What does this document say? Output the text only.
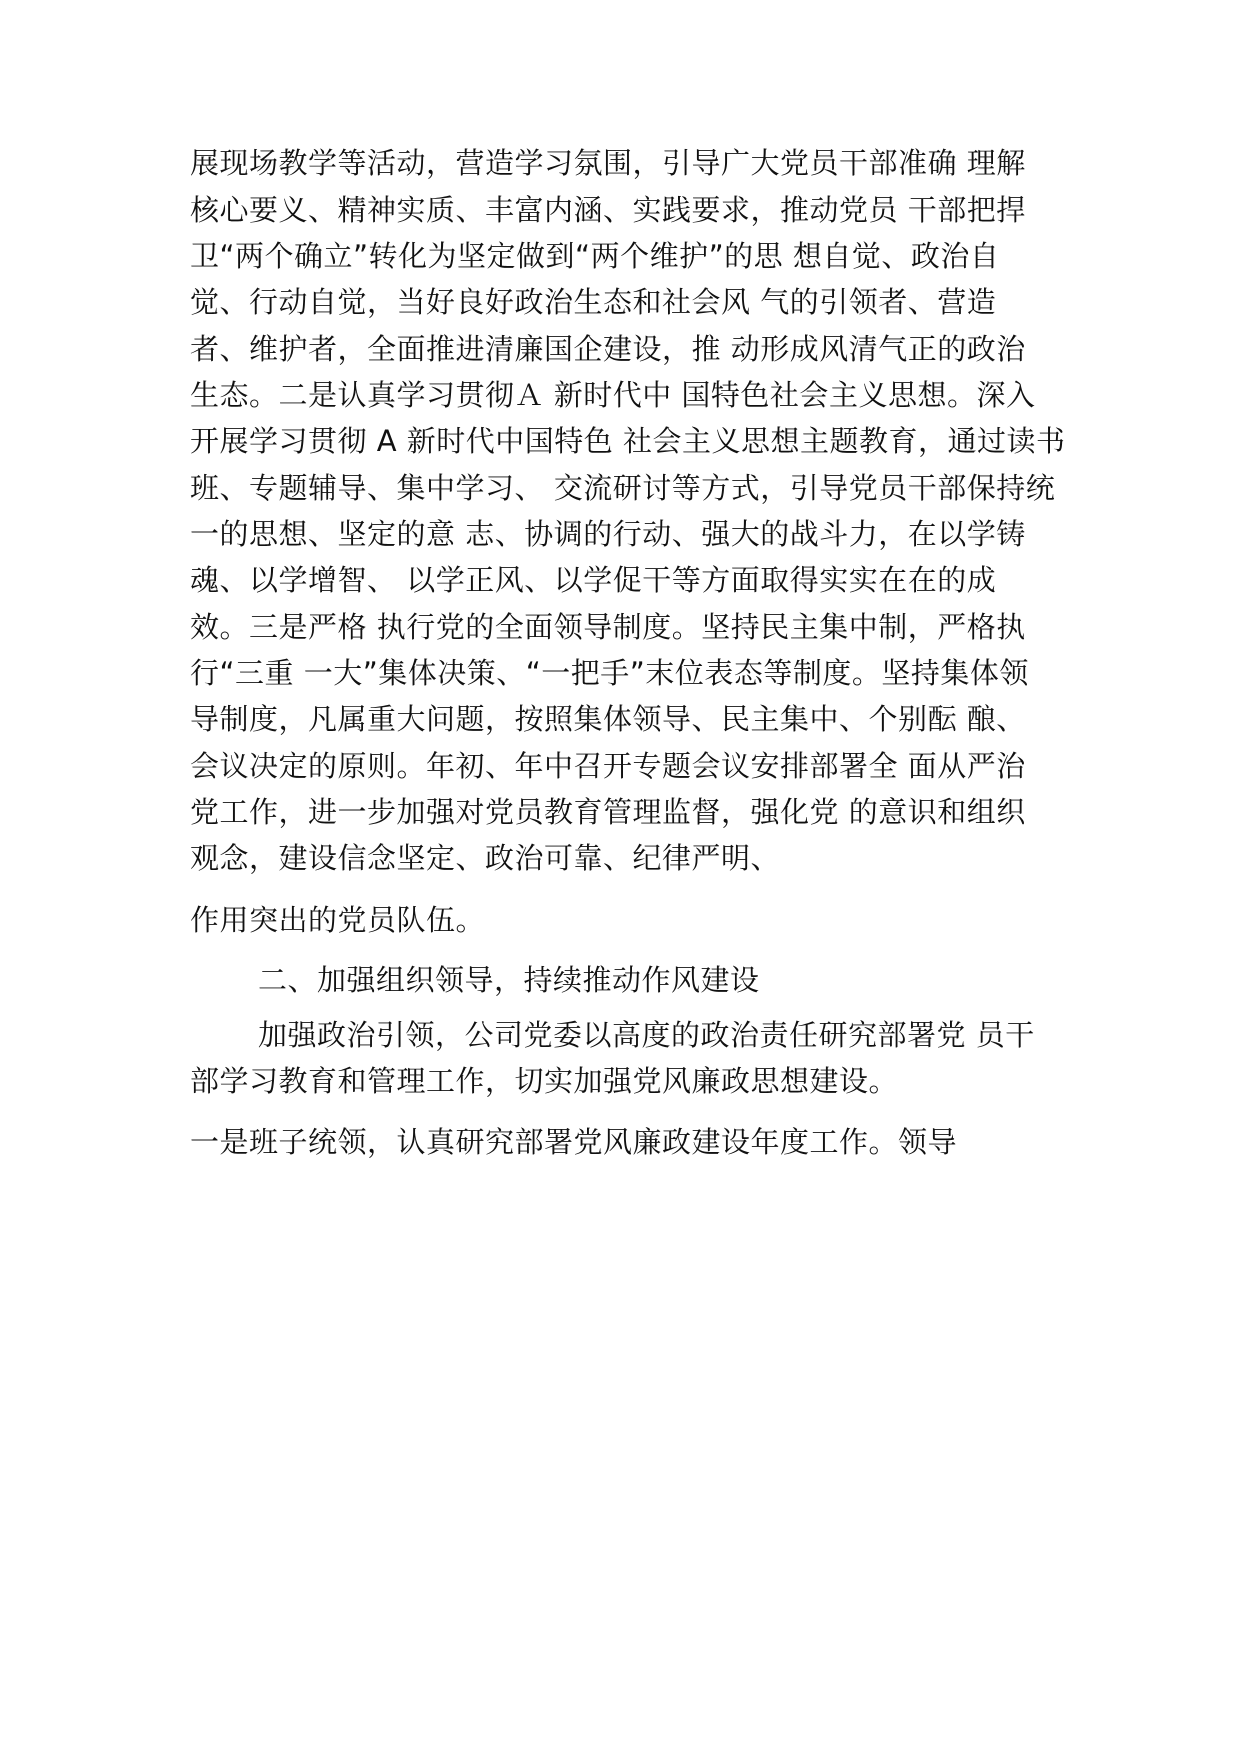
展现场教学等活动，营造学习氛围，引导广大党员干部准确 理解
核心要义、精神实质、丰富内涵、实践要求，推动党员 干部把捍
卫“两个确立”转化为坚定做到“两个维护”的思 想自觉、政治自
觉、行动自觉，当好良好政治生态和社会风 气的引领者、营造
者、维护者，全面推进清廉国企建设，推 动形成风清气正的政治
生态。二是认真学习贯彻Ａ 新时代中 国特色社会主义思想。深入
开展学习贯彻 A 新时代中国特色 社会主义思想主题教育，通过读书
班、专题辅导、集中学习、 交流研讨等方式，引导党员干部保持统
一的思想、坚定的意 志、协调的行动、强大的战斗力，在以学铸
魂、以学增智、 以学正风、以学促干等方面取得实实在在的成
效。三是严格 执行党的全面领导制度。坚持民主集中制，严格执
行“三重 一大”集体决策、“一把手”末位表态等制度。坚持集体领
导制度，凡属重大问题，按照集体领导、民主集中、个别酝 酿、
会议决定的原则。年初、年中召开专题会议安排部署全 面从严治
党工作，进一步加强对党员教育管理监督，强化党 的意识和组织
观念，建设信念坚定、政治可靠、纪律严明、
作用突出的党员队伍。
二、加强组织领导，持续推动作风建设
加强政治引领，公司党委以高度的政治责任研究部署党 员干
部学习教育和管理工作，切实加强党风廉政思想建设。
一是班子统领，认真研究部署党风廉政建设年度工作。领导
